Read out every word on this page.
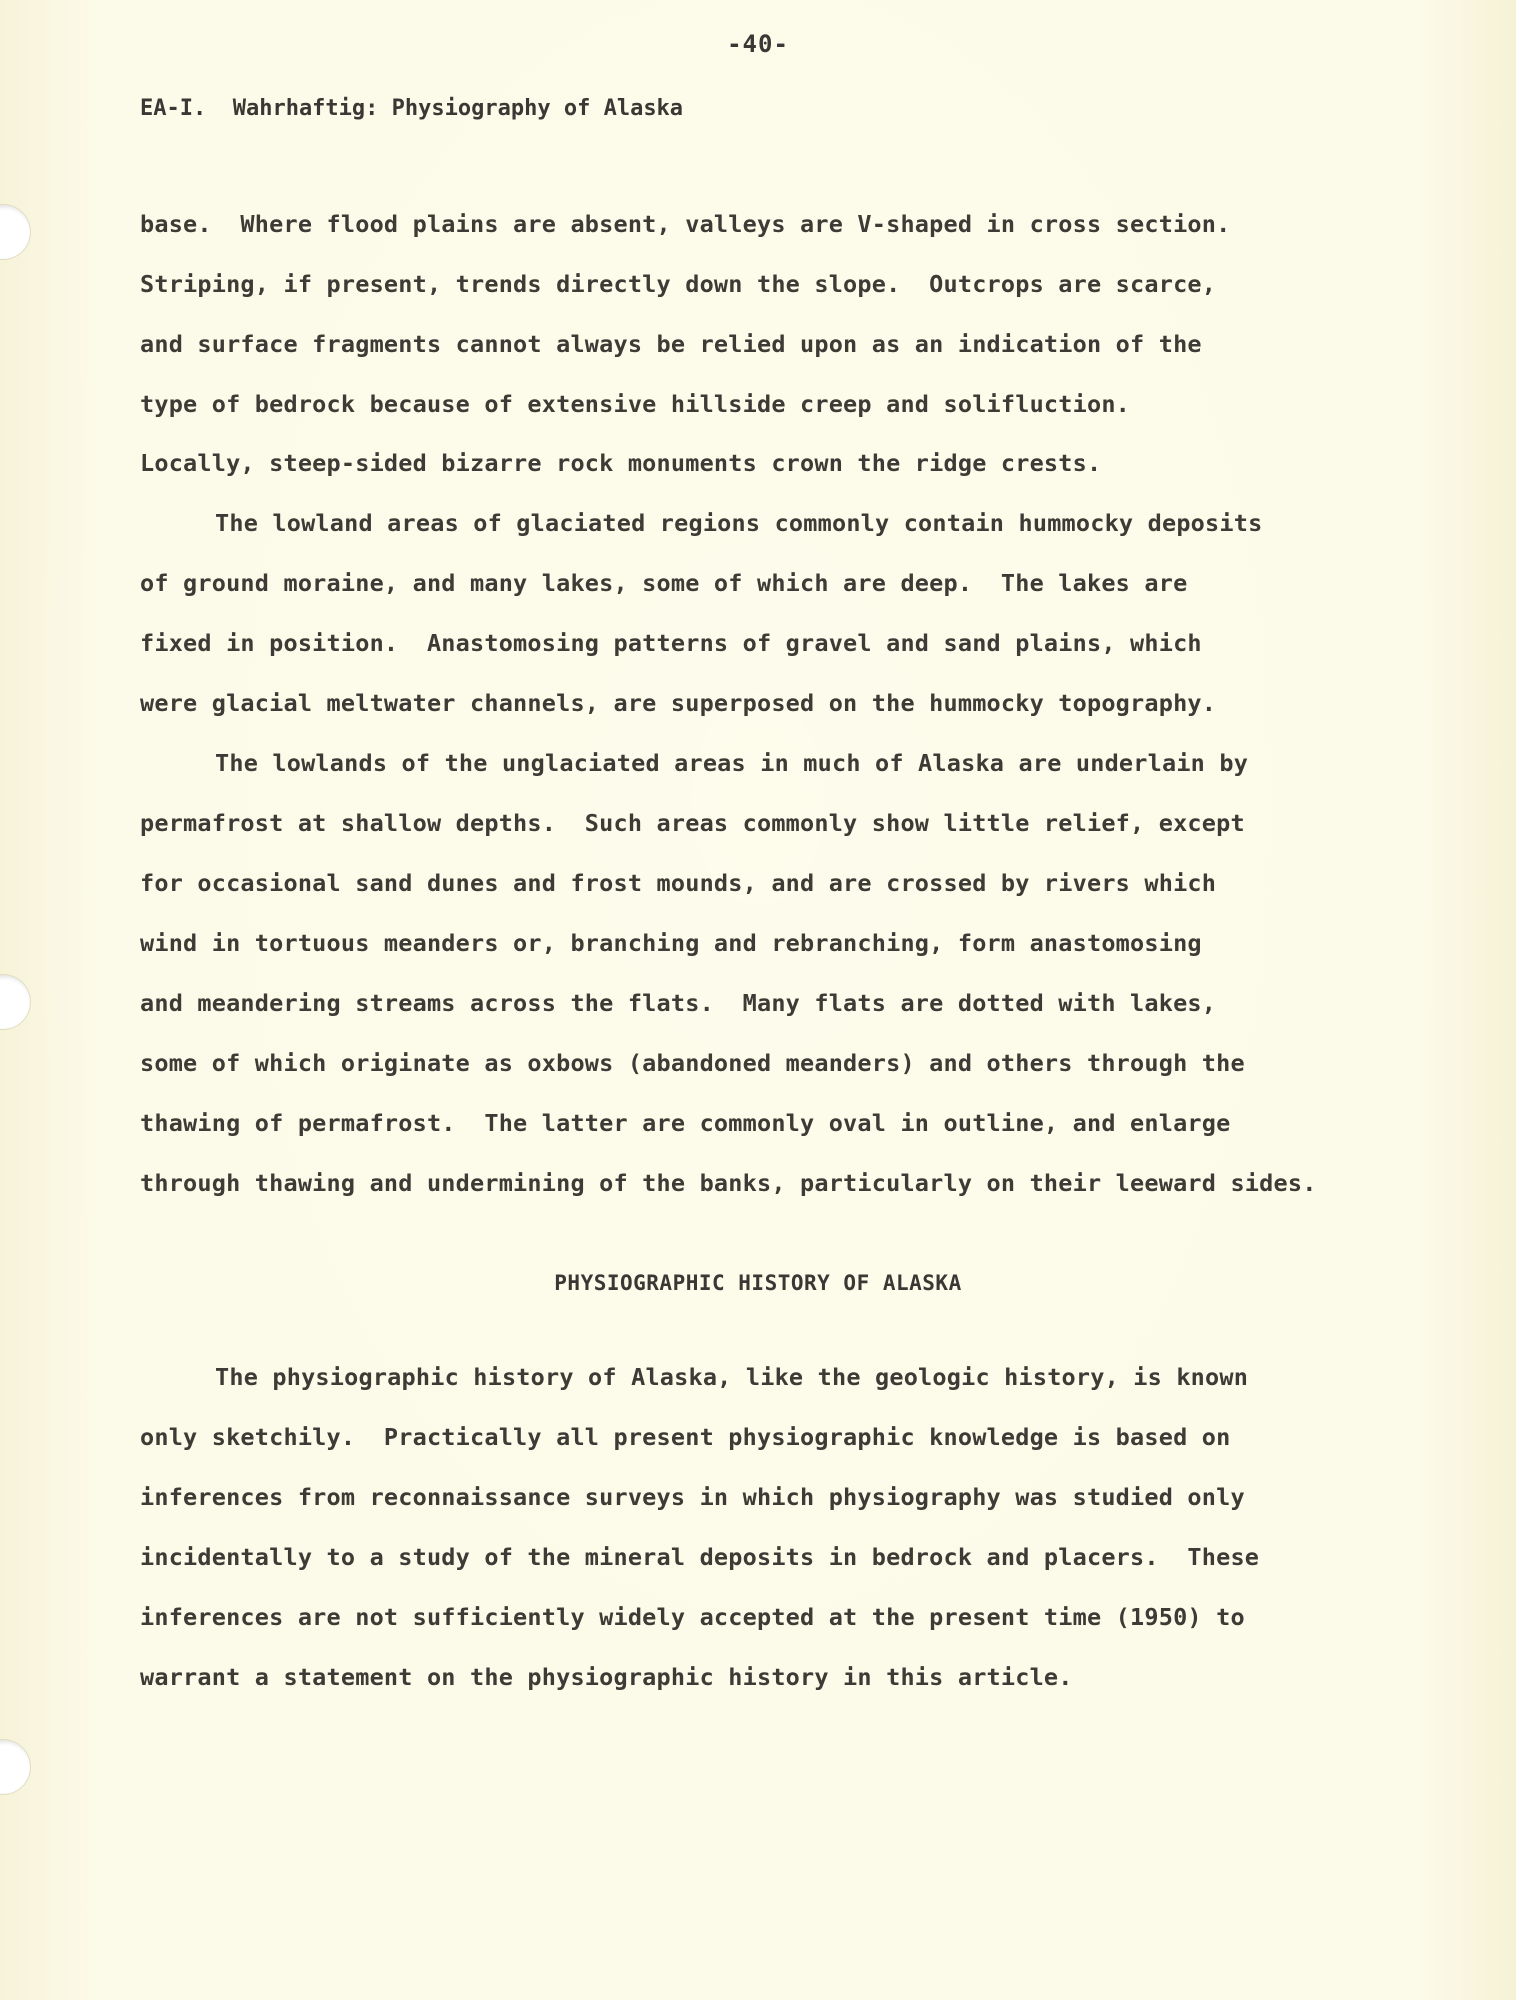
-40-
EA-I.  Wahrhaftig: Physiography of Alaska
base.  Where flood plains are absent, valleys are V-shaped in cross section.
Striping, if present, trends directly down the slope.  Outcrops are scarce,
and surface fragments cannot always be relied upon as an indication of the
type of bedrock because of extensive hillside creep and solifluction.
Locally, steep-sided bizarre rock monuments crown the ridge crests.
The lowland areas of glaciated regions commonly contain hummocky deposits
of ground moraine, and many lakes, some of which are deep.  The lakes are
fixed in position.  Anastomosing patterns of gravel and sand plains, which
were glacial meltwater channels, are superposed on the hummocky topography.
The lowlands of the unglaciated areas in much of Alaska are underlain by
permafrost at shallow depths.  Such areas commonly show little relief, except
for occasional sand dunes and frost mounds, and are crossed by rivers which
wind in tortuous meanders or, branching and rebranching, form anastomosing
and meandering streams across the flats.  Many flats are dotted with lakes,
some of which originate as oxbows (abandoned meanders) and others through the
thawing of permafrost.  The latter are commonly oval in outline, and enlarge
through thawing and undermining of the banks, particularly on their leeward sides.
PHYSIOGRAPHIC HISTORY OF ALASKA
The physiographic history of Alaska, like the geologic history, is known
only sketchily.  Practically all present physiographic knowledge is based on
inferences from reconnaissance surveys in which physiography was studied only
incidentally to a study of the mineral deposits in bedrock and placers.  These
inferences are not sufficiently widely accepted at the present time (1950) to
warrant a statement on the physiographic history in this article.
